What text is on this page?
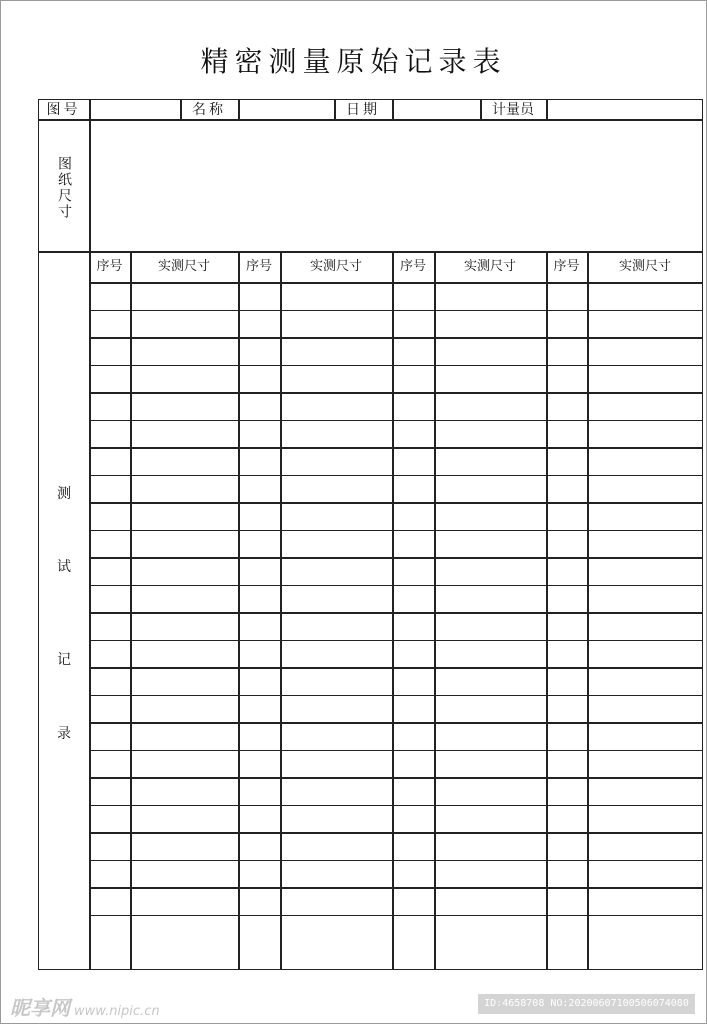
精密测量原始记录表
图号	名称	日期	计量员
图纸尺寸
测
试
记
录
序号	实测尺寸	序号	实测尺寸	序号	实测尺寸	序号	实测尺寸
昵享网 www.nipic.cn
ID:4658708 NO:20200607100506074080
